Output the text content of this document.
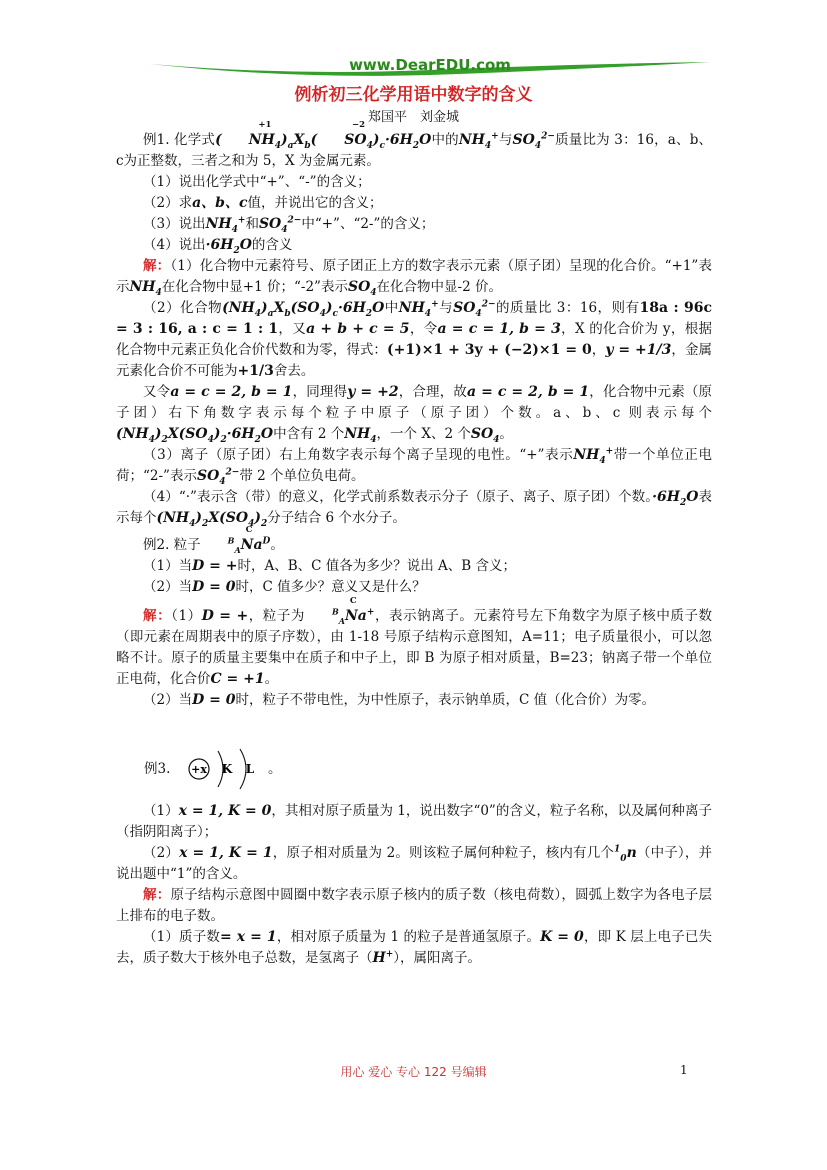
www.DearEDU.com
例析初三化学用语中数字的含义
郑国平　刘金城

例1. 化学式( $NH_4$
+1
)$_aX_b$( $SO_4$
−2
)$_c\cdot 6H_2O$中的$NH_4^+$与$SO_4^{2-}$质量比为 3：16，a、b、c为正整数，三者之和为 5，X 为金属元素。

（1）说出化学式中“+”、“-”的含义；

（2）求a、b、c值，并说出它的含义；

（3）说出$NH_4^+$和$SO_4^{2-}$中“+”、“2-”的含义；

（4）说出$\cdot 6H_2O$的含义

解：（1）化合物中元素符号、原子团正上方的数字表示元素（原子团）呈现的化合价。“+1”表示$NH_4$在化合物中显+1 价；“-2”表示$SO_4$在化合物中显-2 价。

（2）化合物$(NH_4)_aX_b(SO_4)_c\cdot 6H_2O$中$NH_4^+$与$SO_4^{2-}$的质量比 3：16，则有18a : 96c = 3 : 16, a : c = 1 : 1，又a + b + c = 5，令a = c = 1, b = 3，X 的化合价为 y，根据化合物中元素正负化合价代数和为零，得式：(+1)×1 + 3y + (−2)×1 = 0，y = +1/3，金属元素化合价不可能为+1/3舍去。

又令a = c = 2, b = 1，同理得y = +2，合理，故a = c = 2, b = 1，化合物中元素（原子团）右下角数字表示每个粒子中原子（原子团）个数。a、b、c 则表示每个$(NH_4)_2X(SO_4)_2\cdot 6H_2O$中含有 2 个$NH_4$，一个 X、2 个$SO_4$。

（3）离子（原子团）右上角数字表示每个离子呈现的电性。“+”表示$NH_4^+$带一个单位正电荷；“2-”表示$SO_4^{2-}$带 2 个单位负电荷。

（4）“·”表示含（带）的意义，化学式前系数表示分子（原子、离子、原子团）个数。$\cdot 6H_2O$表示每个$(NH_4)_2X(SO_4)_2$分子结合 6 个水分子。

例2. 粒子	$^B_ANa^D$
C
。

（1）当D = +时，A、B、C 值各为多少？说出 A、B 含义；

（2）当D = 0时，C 值多少？意义又是什么？

解：（1）D = +，粒子为	$^B_A$Na+
C
，表示钠离子。元素符号左下角数字为原子核中质子数（即元素在周期表中的原子序数），由 1-18 号原子结构示意图知，A=11；电子质量很小，可以忽略不计。原子的质量主要集中在质子和中子上，即 B 为原子相对质量，B=23；钠离子带一个单位正电荷，化合价C = +1。

（2）当D = 0时，粒子不带电性，为中性原子，表示钠单质，C 值（化合价）为零。

例3. +x K L 。

（1）x = 1, K = 0，其相对原子质量为 1，说出数字“0”的含义，粒子名称，以及属何种离子（指阴阳离子）；

（2）x = 1, K = 1，原子相对质量为 2。则该粒子属何种粒子，核内有几个$^1_0$n（中子），并说出题中“1”的含义。

解：原子结构示意图中圆圈中数字表示原子核内的质子数（核电荷数），圆弧上数字为各电子层上排布的电子数。

（1）质子数= x = 1，相对原子质量为 1 的粒子是普通氢原子。K = 0，即 K 层上电子已失去，质子数大于核外电子总数，是氢离子（H+），属阳离子。

用心 爱心 专心 122 号编辑	1
